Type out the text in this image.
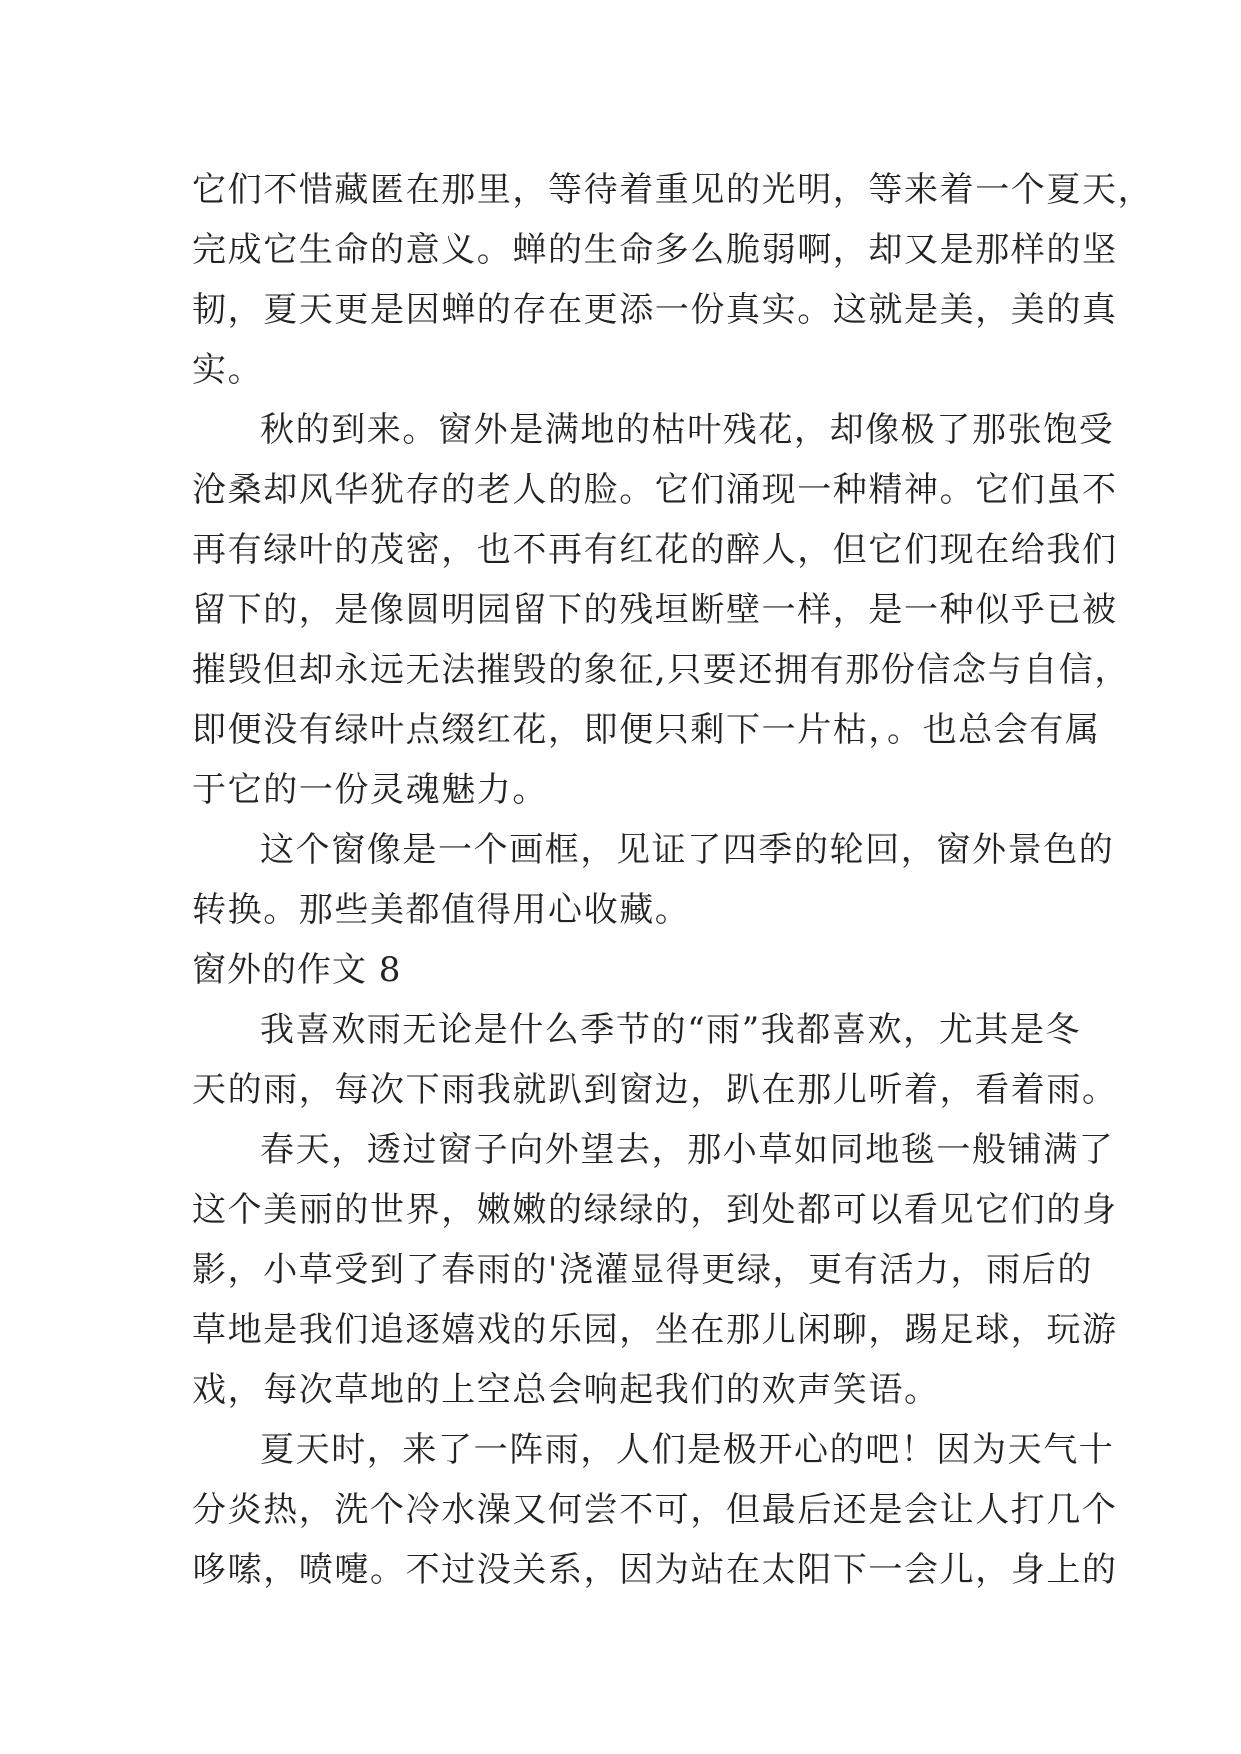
它们不惜藏匿在那里，等待着重见的光明，等来着一个夏天，
完成它生命的意义。蝉的生命多么脆弱啊，却又是那样的坚
韧，夏天更是因蝉的存在更添一份真实。这就是美，美的真
实。
秋的到来。窗外是满地的枯叶残花，却像极了那张饱受
沧桑却风华犹存的老人的脸。它们涌现一种精神。它们虽不
再有绿叶的茂密，也不再有红花的醉人，但它们现在给我们
留下的，是像圆明园留下的残垣断壁一样，是一种似乎已被
摧毁但却永远无法摧毁的象征,只要还拥有那份信念与自信，
即便没有绿叶点缀红花，即便只剩下一片枯，。也总会有属
于它的一份灵魂魅力。
这个窗像是一个画框，见证了四季的轮回，窗外景色的
转换。那些美都值得用心收藏。
窗外的作文 8
我喜欢雨无论是什么季节的“雨”我都喜欢，尤其是冬
天的雨，每次下雨我就趴到窗边，趴在那儿听着，看着雨。
春天，透过窗子向外望去，那小草如同地毯一般铺满了
这个美丽的世界，嫩嫩的绿绿的，到处都可以看见它们的身
影，小草受到了春雨的'浇灌显得更绿，更有活力，雨后的
草地是我们追逐嬉戏的乐园，坐在那儿闲聊，踢足球，玩游
戏，每次草地的上空总会响起我们的欢声笑语。
夏天时，来了一阵雨，人们是极开心的吧！因为天气十
分炎热，洗个冷水澡又何尝不可，但最后还是会让人打几个
哆嗦，喷嚏。不过没关系，因为站在太阳下一会儿，身上的
